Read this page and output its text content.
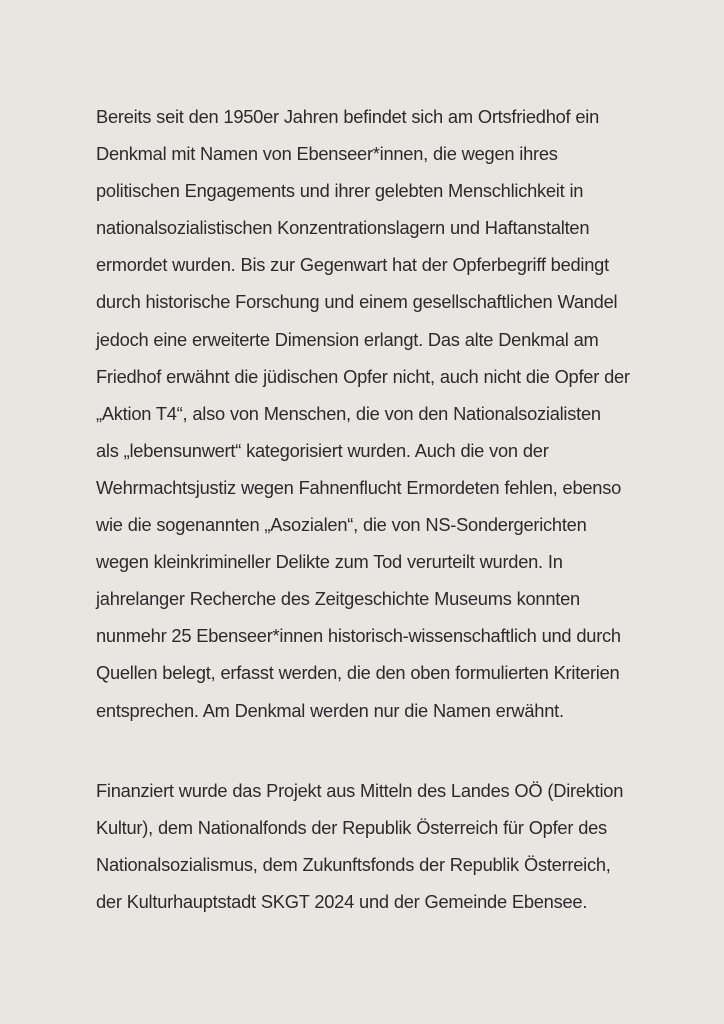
Bereits seit den 1950er Jahren befindet sich am Ortsfriedhof ein
Denkmal mit Namen von Ebenseer*innen, die wegen ihres
politischen Engagements und ihrer gelebten Menschlichkeit in
nationalsozialistischen Konzentrationslagern und Haftanstalten
ermordet wurden. Bis zur Gegenwart hat der Opferbegriff bedingt
durch historische Forschung und einem gesellschaftlichen Wandel
jedoch eine erweiterte Dimension erlangt. Das alte Denkmal am
Friedhof erwähnt die jüdischen Opfer nicht, auch nicht die Opfer der
„Aktion T4“, also von Menschen, die von den Nationalsozialisten
als „lebensunwert“ kategorisiert wurden. Auch die von der
Wehrmachtsjustiz wegen Fahnenflucht Ermordeten fehlen, ebenso
wie die sogenannten „Asozialen“, die von NS-Sondergerichten
wegen kleinkrimineller Delikte zum Tod verurteilt wurden. In
jahrelanger Recherche des Zeitgeschichte Museums konnten
nunmehr 25 Ebenseer*innen historisch-wissenschaftlich und durch
Quellen belegt, erfasst werden, die den oben formulierten Kriterien
entsprechen. Am Denkmal werden nur die Namen erwähnt.
Finanziert wurde das Projekt aus Mitteln des Landes OÖ (Direktion
Kultur), dem Nationalfonds der Republik Österreich für Opfer des
Nationalsozialismus, dem Zukunftsfonds der Republik Österreich,
der Kulturhauptstadt SKGT 2024 und der Gemeinde Ebensee.
